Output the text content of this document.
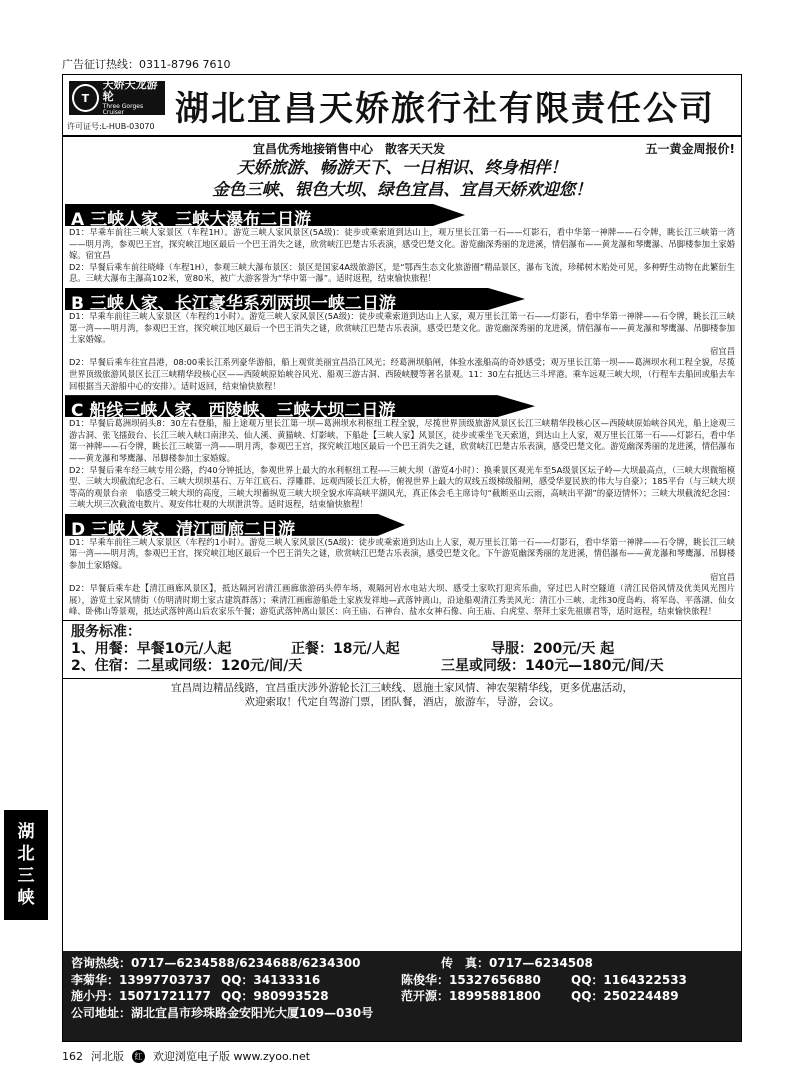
广告征订热线：0311-8796 7610
T
天娇天龙游轮
Three Gorges Cruiser
许可证号:L-HUB-03070 湖北宜昌天娇旅行社有限责任公司
宜昌优秀地接销售中心　散客天天发	五一黄金周报价!
天娇旅游、畅游天下、一日相识、终身相伴！
金色三峡、银色大坝、绿色宜昌、宜昌天娇欢迎您！
A 三峡人家、三峡大瀑布二日游

D1：早乘车前往三峡人家景区（车程1H）。游览三峡人家风景区(5A级)：徒步或乘索道到达山上，观万里长江第一石——灯影石，看中华第一神牌——石令牌，眺长江三峡第一湾——明月湾，参观巴王宫，探究峡江地区最后一个巴王消失之谜，欣赏峡江巴楚古乐表演，感受巴楚文化。游览幽深秀丽的龙进溪，情侣瀑布——黄龙瀑和琴鹰瀑、吊脚楼参加土家婚嫁。宿宜昌

D2：早餐后乘车前往晓峰（车程1H），参观三峡大瀑布景区：景区是国家4A级旅游区，是“鄂西生态文化旅游圈”精品景区，瀑布飞流，珍稀树木贻处可见，多种野生动物在此繁衍生息。三峡大瀑布主瀑高102米，宽80米，被广大游客誉为“华中第一瀑”。适时返程，结束愉快旅程！

B 三峡人家、长江豪华系列两坝一峡二日游

D1：早乘车前往三峡人家景区（车程约1小时）。游览三峡人家风景区(5A级)：徒步或乘索道到达山上人家，观万里长江第一石——灯影石，看中华第一神牌——石令牌，眺长江三峡第一湾——明月湾，参观巴王宫，探究峡江地区最后一个巴王消失之谜，欣赏峡江巴楚古乐表演，感受巴楚文化。游览幽深秀丽的龙进溪，情侣瀑布——黄龙瀑和琴鹰瀑、吊脚楼参加土家婚嫁。

宿宜昌

D2：早餐后乘车往宜昌港，08:00乘长江系列豪华游船，船上观赏美丽宜昌沿江风光；经葛洲坝船闸，体验水涨船高的奇妙感受；观万里长江第一坝——葛洲坝水利工程全貌，尽揽世界顶级旅游风景区长江三峡精华段核心区——西陵峡原始峡谷风光、船观三游古洞、西陵峡腰等著名景观。11：30左右抵达三斗坪港。乘车远观三峡大坝，（行程车去船回或船去车回根据当天游船中心的安排）。适时返回，结束愉快旅程！

C 船线三峡人家、西陵峡、三峡大坝二日游

D1：早餐后葛洲坝码头8：30左右登船，船上途观万里长江第一坝—葛洲坝水利枢纽工程全貌，尽揽世界顶级旅游风景区长江三峡精华段核心区—西陵峡原始峡谷风光，船上途观三游古洞、张飞擂鼓台、长江三峡入峡口南津关、仙人溪、黄猫峡、灯影峡、下船赴【三峡人家】风景区，徒步或乘坐飞天索道，到达山上人家，观万里长江第一石——灯影石，看中华第一神牌——石令牌，眺长江三峡第一湾——明月湾，参观巴王宫，探究峡江地区最后一个巴王消失之谜，欣赏峡江巴楚古乐表演，感受巴楚文化。游览幽深秀丽的龙进溪，情侣瀑布——黄龙瀑和琴鹰瀑、吊脚楼参加土家婚嫁。

D2：早餐后乘车经三峡专用公路，约40分钟抵达，参观世界上最大的水利枢纽工程----三峡大坝（游览4小时）：换乘景区观光车至5A级景区坛子岭—大坝最高点，（三峡大坝微缩模型、三峡大坝截流纪念石、三峡大坝坝基石、万年江底石、浮雕群、远观西陵长江大桥，俯视世界上最大的双线五级梯级船闸，感受华夏民族的伟大与自豪）；185平台（与三峡大坝等高的观景台亲　临感受三峡大坝的高度，三峡大坝蓄纵览三峡大坝全貌水库高峡平湖风光，真正体会毛主席诗句“截断巫山云雨，高峡出平湖”的豪迈情怀）；三峡大坝截流纪念园：三峡大坝三次截流电数片、观安伟壮观的大坝泄洪等。适时返程，结束愉快旅程！

D 三峡人家、清江画廊二日游

D1：早乘车前往三峡人家景区（车程约1小时）。游览三峡人家风景区(5A级)：徒步或乘索道到达山上人家，观万里长江第一石——灯影石，看中华第一神牌——石令牌，眺长江三峡第一湾——明月湾，参观巴王宫，探究峡江地区最后一个巴王消失之谜，欣赏峡江巴楚古乐表演，感受巴楚文化。下午游览幽深秀丽的龙进溪，情侣瀑布——黄龙瀑和琴鹰瀑、吊脚楼参加土家婚嫁。

宿宜昌

D2：早餐后乘车赴【清江画廊风景区】，抵达隔河岩清江画廊旅游码头停车场，观隔河岩水电站大坝、感受土家吹打迎宾乐曲，穿过巴人时空隧道（清江民俗风情及优美风光图片展），游览土家风情街（仿明清时期土家古建筑群落）；乘清江画廊游船赴土家族发祥地—武落钟离山，沿途船观清江秀美风光：清江小三峡、北纬30度岛屿、将军岛、平落湖、仙女峰、卧佛山等景观，抵达武落钟离山后农家乐午餐；游览武落钟离山景区：向王庙、石神台、盐水女神石像、向王庙、白虎堂、祭拜土家先祖廪君等，适时返程，结束愉快旅程！

服务标准：
1、用餐：早餐10元/人起	正餐：18元/人起	导服：200元/天 起
2、住宿：二星或同级：120元/间/天	三星或同级：140元—180元/间/天
宜昌周边精品线路，宜昌重庆涉外游轮长江三峡线、恩施土家风情、神农架精华线，更多优惠活动，
欢迎索取！代定自驾游门票，团队餐，酒店，旅游车，导游，会议。
咨询热线：0717—6234588/6234688/6234300	传　真：0717—6234508
李菊华：13997703737 QQ：34133316	陈俊华：15327656880	QQ：1164322533
施小丹：15071721177 QQ：980993528	范开源：18995881800	QQ：250224489
公司地址：湖北宜昌市珍珠路金安阳光大厦109—030号
湖
北
三
峡
162 河北版	红 欢迎浏览电子版 www.zyoo.net
